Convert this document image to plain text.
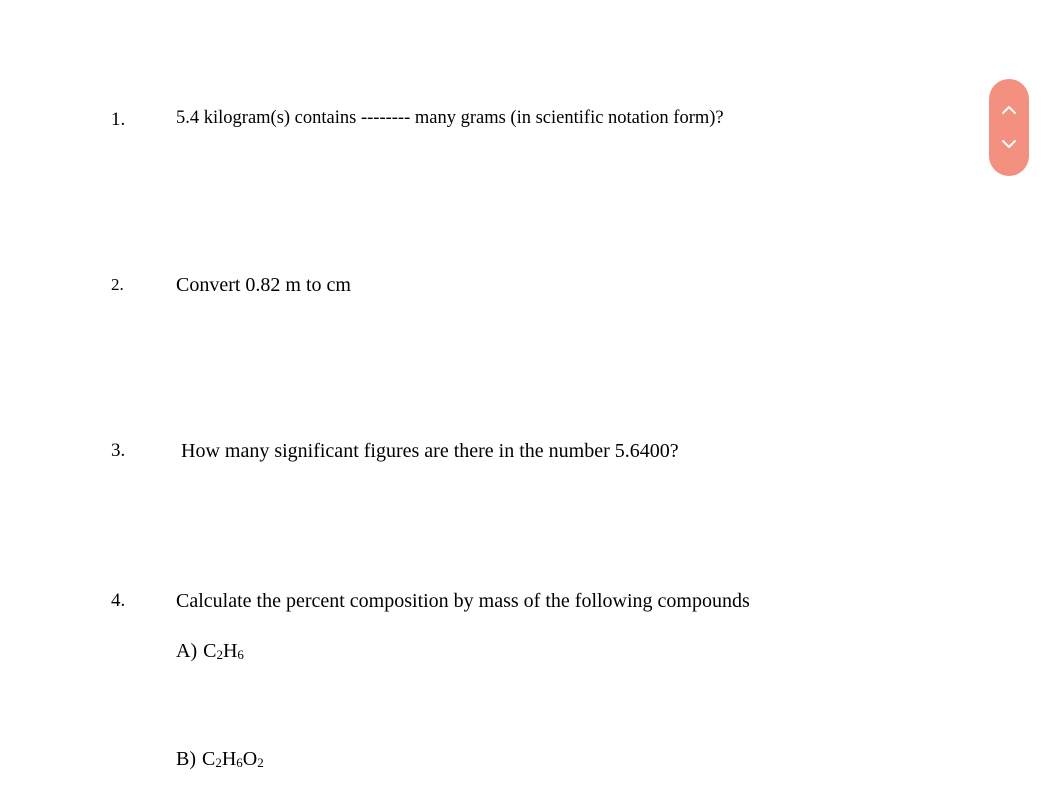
1.	5.4 kilogram(s) contains -------- many grams (in scientific notation form)?
2.	Convert 0.82 m to cm
3.	How many significant figures are there in the number 5.6400?
4.	Calculate the percent composition by mass of the following compounds
A) $C_2H_6$
B) $C_2H_6O_2$
